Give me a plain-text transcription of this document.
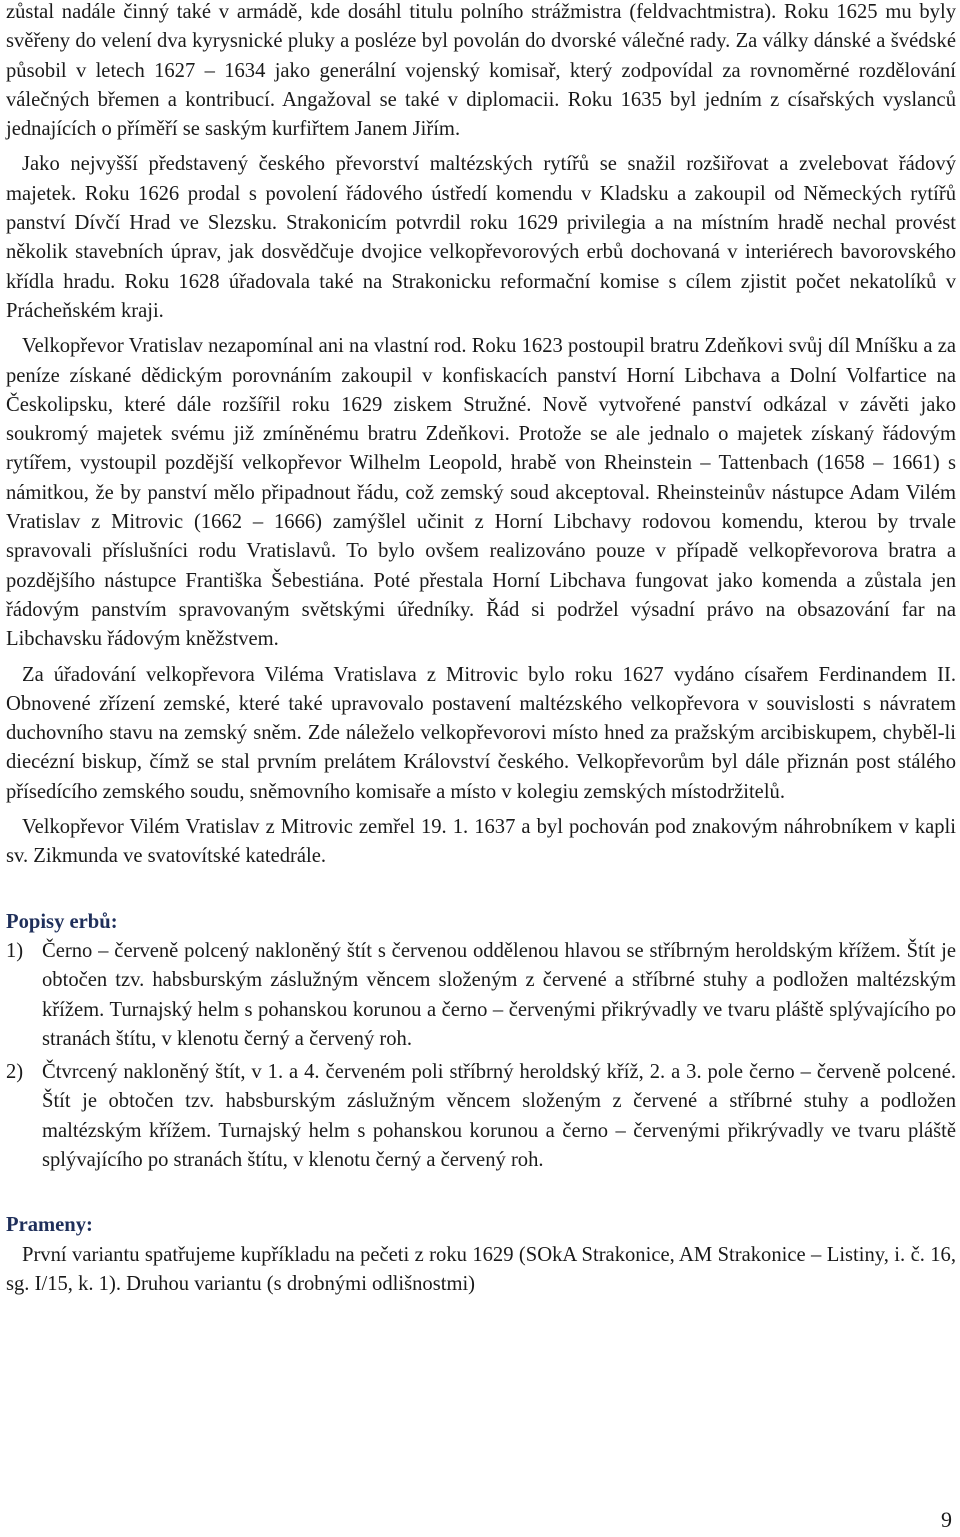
zůstal nadále činný také v armádě, kde dosáhl titulu polního strážmistra (feldvachtmistra). Roku 1625 mu byly svěřeny do velení dva kyrysnické pluky a posléze byl povolán do dvorské válečné rady. Za války dánské a švédské působil v letech 1627 – 1634 jako generální vojenský komisař, který zodpovídal za rovnoměrné rozdělování válečných břemen a kontribucí. Angažoval se také v diplomacii. Roku 1635 byl jedním z císařských vyslanců jednajících o příměří se saským kurfiřtem Janem Jiřím.

Jako nejvyšší představený českého převorství maltézských rytířů se snažil rozšiřovat a zvelebovat řádový majetek. Roku 1626 prodal s povolení řádového ústředí komendu v Kladsku a zakoupil od Německých rytířů panství Dívčí Hrad ve Slezsku. Strakonicím potvrdil roku 1629 privilegia a na místním hradě nechal provést několik stavebních úprav, jak dosvědčuje dvojice velkopřevorových erbů dochovaná v interiérech bavorovského křídla hradu. Roku 1628 úřadovala také na Strakonicku reformační komise s cílem zjistit počet nekatolíků v Prácheňském kraji.

Velkopřevor Vratislav nezapomínal ani na vlastní rod. Roku 1623 postoupil bratru Zdeňkovi svůj díl Mníšku a za peníze získané dědickým porovnáním zakoupil v konfiskacích panství Horní Libchava a Dolní Volfartice na Českolipsku, které dále rozšířil roku 1629 ziskem Stružné. Nově vytvořené panství odkázal v závěti jako soukromý majetek svému již zmíněnému bratru Zdeňkovi. Protože se ale jednalo o majetek získaný řádovým rytířem, vystoupil pozdější velkopřevor Wilhelm Leopold, hrabě von Rheinstein – Tattenbach (1658 – 1661) s námitkou, že by panství mělo připadnout řádu, což zemský soud akceptoval. Rheinsteinův nástupce Adam Vilém Vratislav z Mitrovic (1662 – 1666) zamýšlel učinit z Horní Libchavy rodovou komendu, kterou by trvale spravovali příslušníci rodu Vratislavů. To bylo ovšem realizováno pouze v případě velkopřevorova bratra a pozdějšího nástupce Františka Šebestiána. Poté přestala Horní Libchava fungovat jako komenda a zůstala jen řádovým panstvím spravovaným světskými úředníky. Řád si podržel výsadní právo na obsazování far na Libchavsku řádovým kněžstvem.

Za úřadování velkopřevora Viléma Vratislava z Mitrovic bylo roku 1627 vydáno císařem Ferdinandem II. Obnovené zřízení zemské, které také upravovalo postavení maltézského velkopřevora v souvislosti s návratem duchovního stavu na zemský sněm. Zde náleželo velkopřevorovi místo hned za pražským arcibiskupem, chyběl-li diecézní biskup, čímž se stal prvním prelátem Království českého. Velkopřevorům byl dále přiznán post stálého přísedícího zemského soudu, sněmovního komisaře a místo v kolegiu zemských místodržitelů.

Velkopřevor Vilém Vratislav z Mitrovic zemřel 19. 1. 1637 a byl pochován pod znakovým náhrobníkem v kapli sv. Zikmunda ve svatovítské katedrále.

Popisy erbů:
1) Černo – červeně polcený nakloněný štít s červenou oddělenou hlavou se stříbrným heroldským křížem. Štít je obtočen tzv. habsburským záslužným věncem složeným z červené a stříbrné stuhy a podložen maltézským křížem. Turnajský helm s pohanskou korunou a černo – červenými přikrývadly ve tvaru pláště splývajícího po stranách štítu, v klenotu černý a červený roh.
2) Čtvrcený nakloněný štít, v 1. a 4. červeném poli stříbrný heroldský kříž, 2. a 3. pole černo – červeně polcené. Štít je obtočen tzv. habsburským záslužným věncem složeným z červené a stříbrné stuhy a podložen maltézským křížem. Turnajský helm s pohanskou korunou a černo – červenými přikrývadly ve tvaru pláště splývajícího po stranách štítu, v klenotu černý a červený roh.
Prameny:

První variantu spatřujeme kupříkladu na pečeti z roku 1629 (SOkA Strakonice, AM Strakonice – Listiny, i. č. 16, sg. I/15, k. 1). Druhou variantu (s drobnými odlišnostmi)

9
